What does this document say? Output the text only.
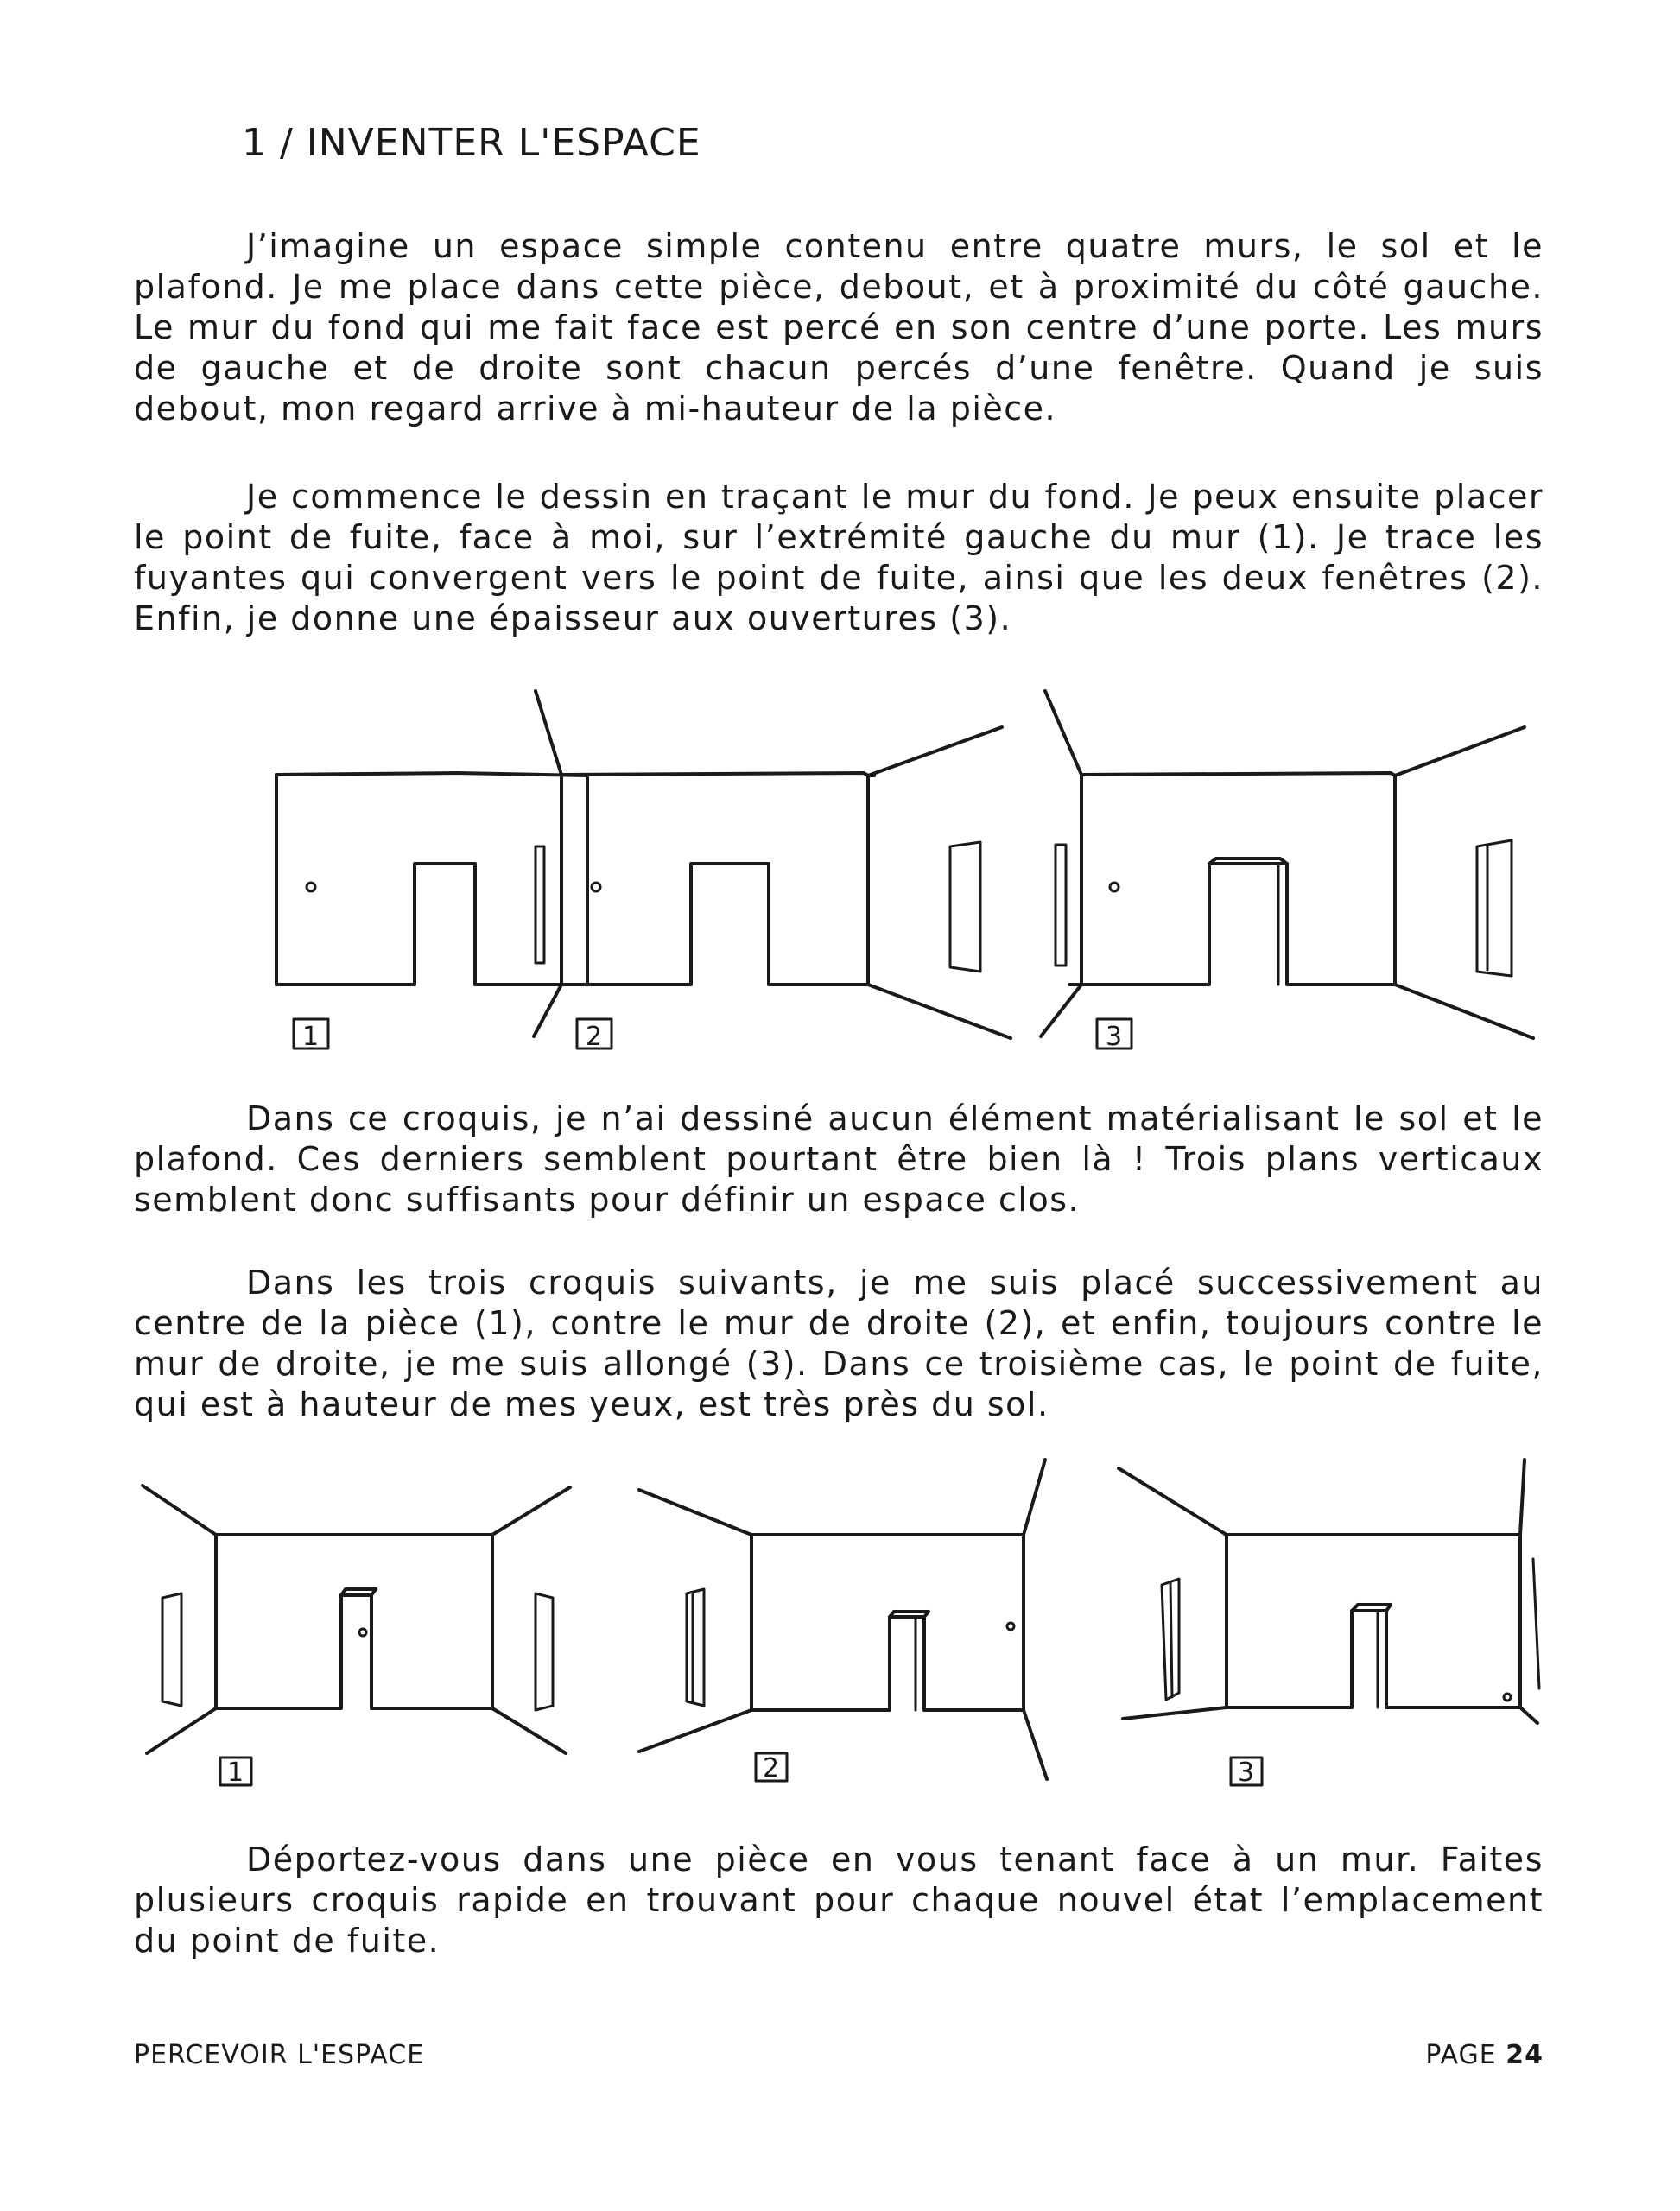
1 / INVENTER L'ESPACE

J’imagine un espace simple contenu entre quatre murs, le sol et le plafond. Je me place dans cette pièce, debout, et à proximité du côté gauche. Le mur du fond qui me fait face est percé en son centre d’une porte. Les murs de gauche et de droite sont chacun percés d’une fenêtre. Quand je suis debout, mon regard arrive à mi-hauteur de la pièce.

Je commence le dessin en traçant le mur du fond. Je peux ensuite placer le point de fuite, face à moi, sur l’extrémité gauche du mur (1). Je trace les fuyantes qui convergent vers le point de fuite, ainsi que les deux fenêtres (2). Enfin, je donne une épaisseur aux ouvertures (3).

1	2	3

Dans ce croquis, je n’ai dessiné aucun élément matérialisant le sol et le plafond. Ces derniers semblent pourtant être bien là ! Trois plans verticaux semblent donc suffisants pour définir un espace clos.

Dans les trois croquis suivants, je me suis placé successivement au centre de la pièce (1), contre le mur de droite (2), et enfin, toujours contre le mur de droite, je me suis allongé (3). Dans ce troisième cas, le point de fuite, qui est à hauteur de mes yeux, est très près du sol.

1	2	3

Déportez-vous dans une pièce en vous tenant face à un mur. Faites plusieurs croquis rapide en trouvant pour chaque nouvel état l’emplacement du point de fuite.

PERCEVOIR L'ESPACE	PAGE 24
